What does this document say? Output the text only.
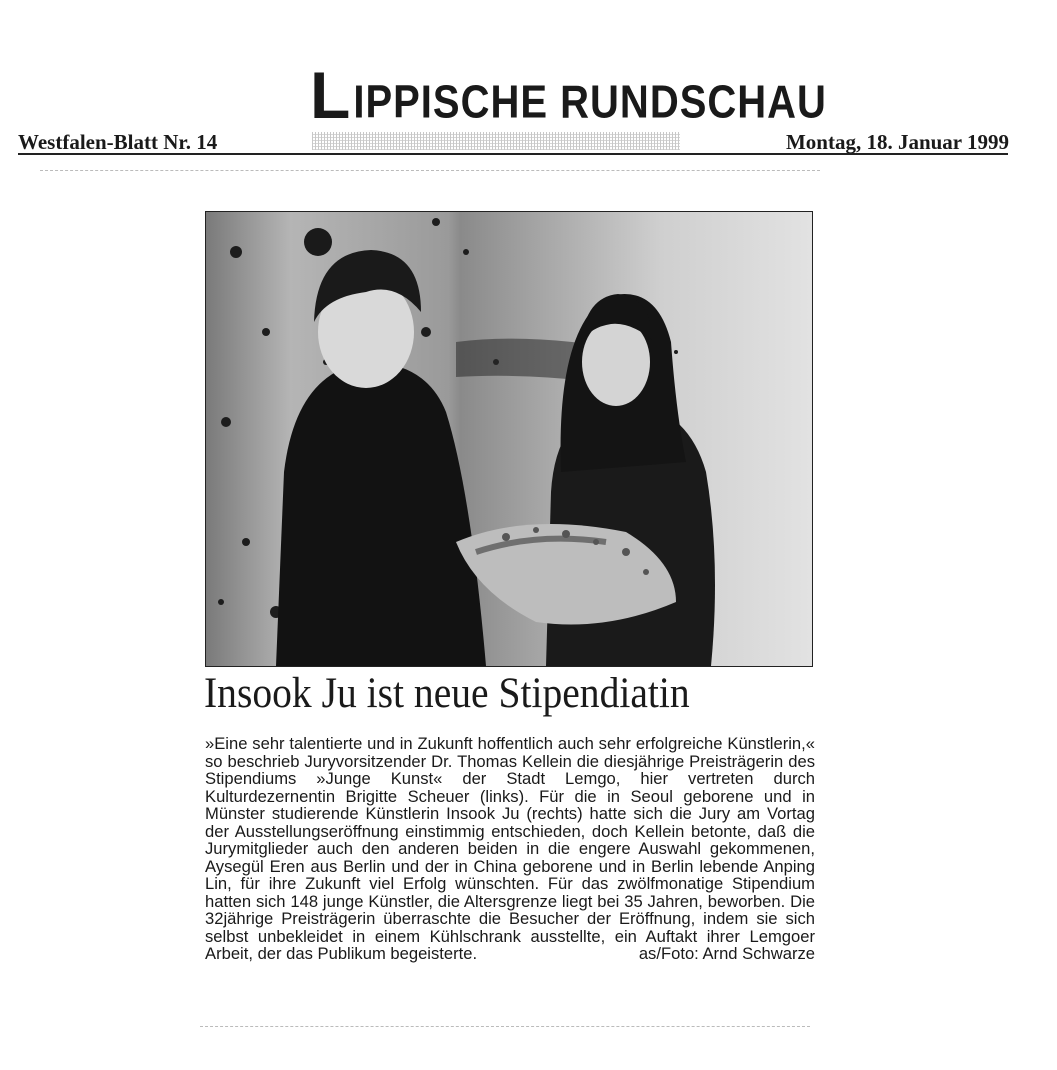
LIPPISCHE RUNDSCHAU
Westfalen-Blatt Nr. 14	Montag, 18. Januar 1999
Insook Ju ist neue Stipendiatin
»Eine sehr talentierte und in Zukunft hoffentlich auch sehr erfolgreiche Künstlerin,« so beschrieb Juryvorsitzender Dr. Thomas Kellein die diesjährige Preisträgerin des Stipendiums »Junge Kunst« der Stadt Lemgo, hier vertreten durch Kulturdezernentin Brigitte Scheuer (links). Für die in Seoul geborene und in Münster studierende Künstlerin Insook Ju (rechts) hatte sich die Jury am Vortag der Ausstellungseröffnung einstimmig entschieden, doch Kellein betonte, daß die Jurymitglieder auch den anderen beiden in die engere Auswahl gekommenen, Aysegül Eren aus Berlin und der in China geborene und in Berlin lebende Anping Lin, für ihre Zukunft viel Erfolg wünschten. Für das zwölfmonatige Stipendium hatten sich 148 junge Künstler, die Altersgrenze liegt bei 35 Jahren, beworben. Die 32jährige Preisträgerin überraschte die Besucher der Eröffnung, indem sie sich selbst unbekleidet in einem Kühlschrank ausstellte, ein Auftakt ihrer Lemgoer Arbeit, der das Publikum begeisterte.	as/Foto: Arnd Schwarze
